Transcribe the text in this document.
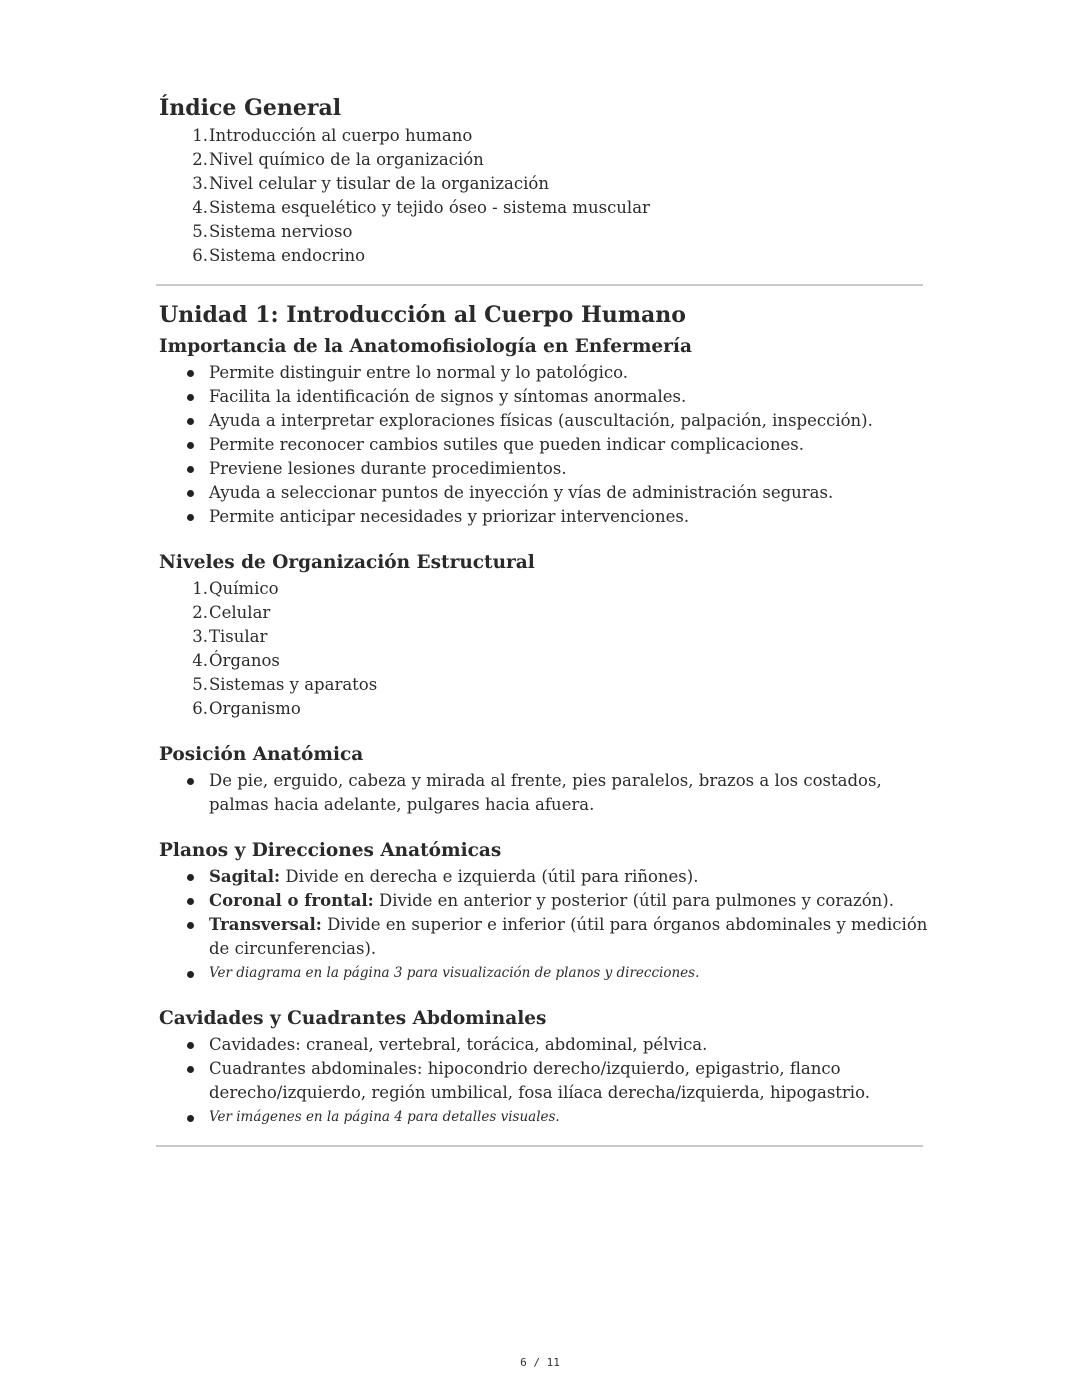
Índice General
1. Introducción al cuerpo humano
2. Nivel químico de la organización
3. Nivel celular y tisular de la organización
4. Sistema esquelético y tejido óseo - sistema muscular
5. Sistema nervioso
6. Sistema endocrino
Unidad 1: Introducción al Cuerpo Humano
Importancia de la Anatomofisiología en Enfermería
Permite distinguir entre lo normal y lo patológico.
Facilita la identificación de signos y síntomas anormales.
Ayuda a interpretar exploraciones físicas (auscultación, palpación, inspección).
Permite reconocer cambios sutiles que pueden indicar complicaciones.
Previene lesiones durante procedimientos.
Ayuda a seleccionar puntos de inyección y vías de administración seguras.
Permite anticipar necesidades y priorizar intervenciones.
Niveles de Organización Estructural
1. Químico
2. Celular
3. Tisular
4. Órganos
5. Sistemas y aparatos
6. Organismo
Posición Anatómica
De pie, erguido, cabeza y mirada al frente, pies paralelos, brazos a los costados, palmas hacia adelante, pulgares hacia afuera.
Planos y Direcciones Anatómicas
Sagital: Divide en derecha e izquierda (útil para riñones).
Coronal o frontal: Divide en anterior y posterior (útil para pulmones y corazón).
Transversal: Divide en superior e inferior (útil para órganos abdominales y medición de circunferencias).
Ver diagrama en la página 3 para visualización de planos y direcciones.
Cavidades y Cuadrantes Abdominales
Cavidades: craneal, vertebral, torácica, abdominal, pélvica.
Cuadrantes abdominales: hipocondrio derecho/izquierdo, epigastrio, flanco derecho/izquierdo, región umbilical, fosa ilíaca derecha/izquierda, hipogastrio.
Ver imágenes en la página 4 para detalles visuales.
6 / 11
